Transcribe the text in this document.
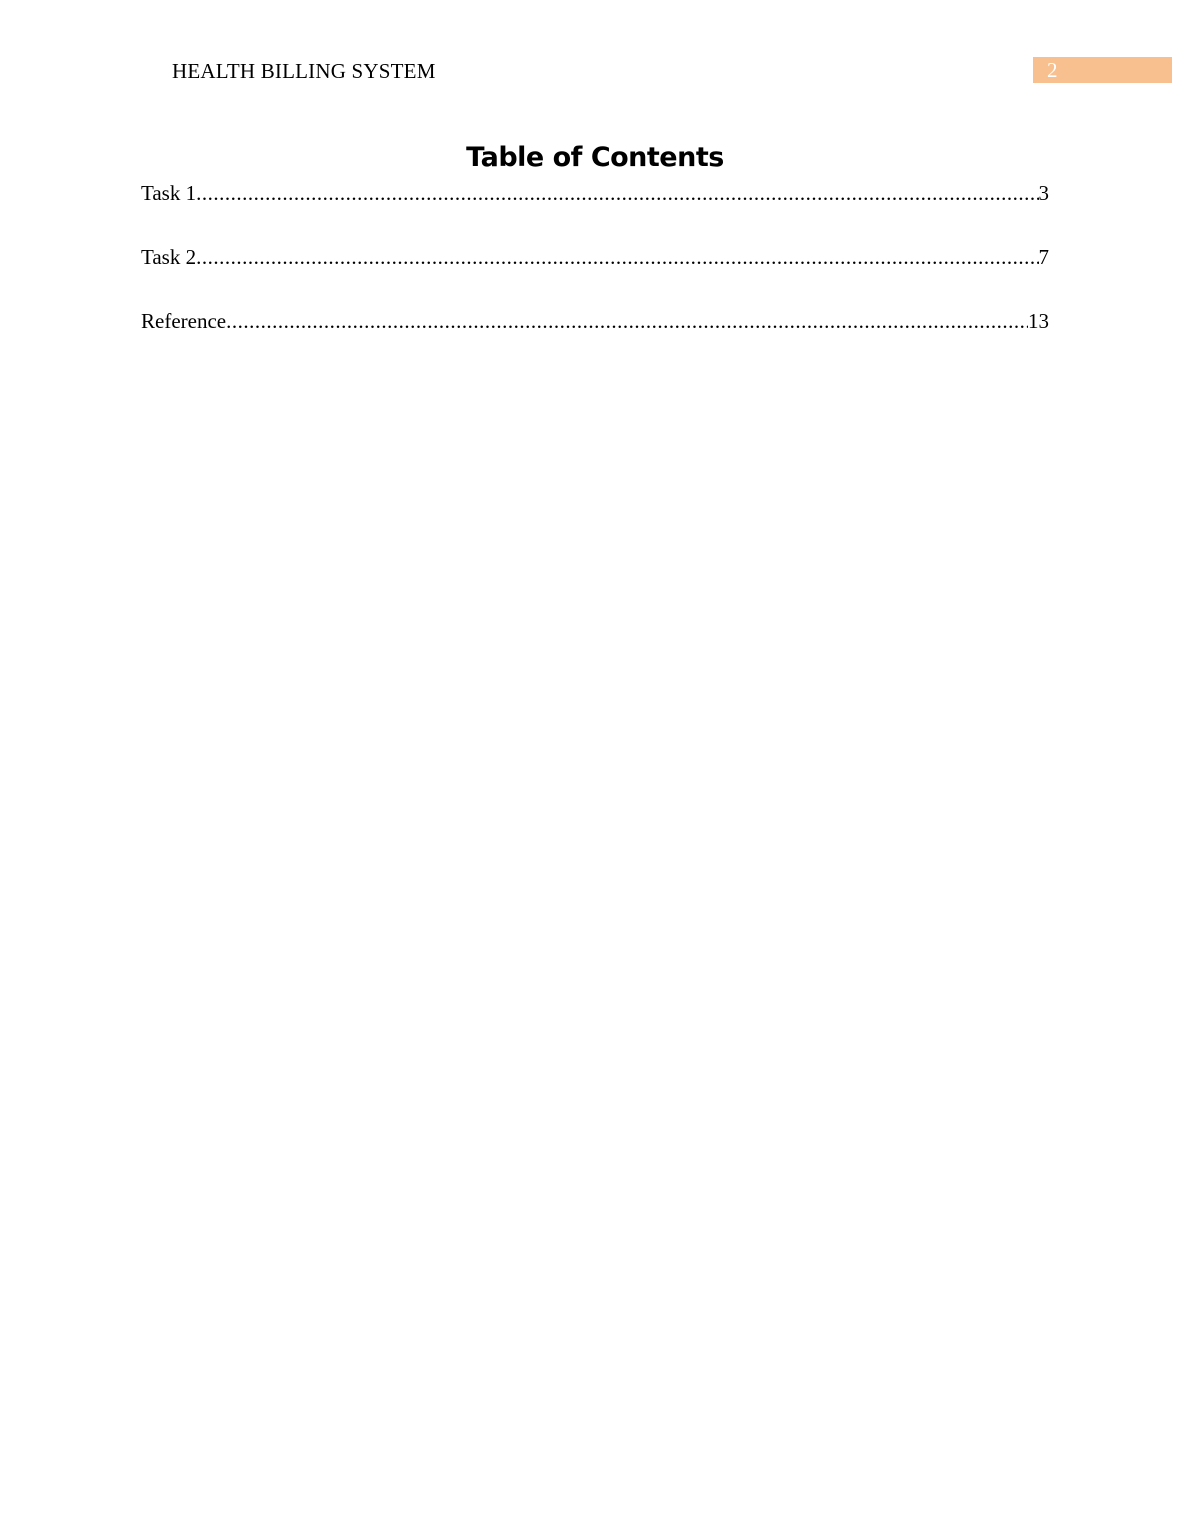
HEALTH BILLING SYSTEM	2
Table of Contents
Task 1 .....	3
Task 2 .....	7
Reference .....	13
